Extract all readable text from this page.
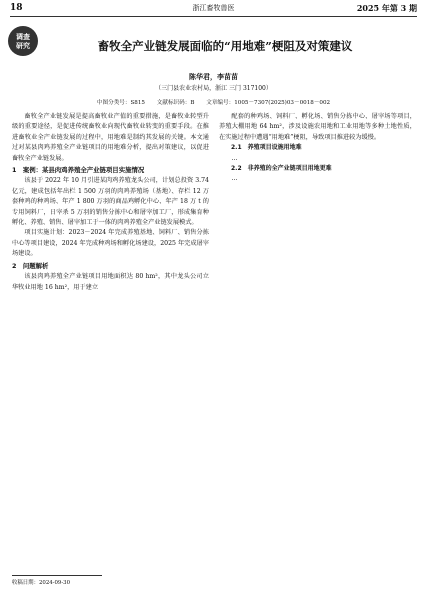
18	浙江畜牧兽医	2025 年第 3 期
调查
研究	畜牧全产业链发展面临的“用地难”梗阻及对策建议
陈华君，李苗苗
（三门县农业农村局，浙江 三门 317100）
中图分类号：S815 文献标识码：B 文章编号：1005－7307(2025)03－0018－002

畜牧全产业链发展是提高畜牧业产值的重要措施，是畜牧业转型升级的重要途径，是促进传统畜牧业向现代畜牧业转变的重要手段。在推进畜牧业全产业链发展的过程中，用地难是制约其发展的关键。本文通过对某县肉鸡养殖全产业链项目的用地难分析，提出对策建议，以促进畜牧全产业链发展。

1　案例：某县肉鸡养殖全产业链项目实施情况

该县于 2022 年 10 月引进某肉鸡养殖龙头公司，计划总投资 3.74 亿元，建成包括年出栏 1 500 万羽的肉鸡养殖场（基地）、存栏 12 万套种鸡的种鸡场、年产 1 800 万羽的商品鸡孵化中心、年产 18 万 t 的专用饲料厂，日宰杀 5 万羽的销售分拣中心和屠宰加工厂，形成集育种孵化、养殖、销售、屠宰加工于一体的肉鸡养殖全产业链发展模式。

项目实施计划：2023－2024 年完成养殖基地、饲料厂、销售分拣中心等项目建设，2024 年完成种鸡场和孵化场建设，2025 年完成屠宰场建设。

2　问题解析

该县肉鸡养殖全产业链项目用地面积达 80 hm²，其中龙头公司立华牧业用地 16 hm²，用于建立

配套的种鸡场、饲料厂、孵化场、销售分拣中心、屠宰场等项目，养殖大棚用地 64 hm²，涉及设施农用地和工业用地等多种土地性质，在实施过程中遭遇“用地难”梗阻，导致项目推进较为缓慢。

2.1　养殖项目设施用地难

…

2.2　非养殖的全产业链项目用地更难

…

收稿日期：2024-09-30
